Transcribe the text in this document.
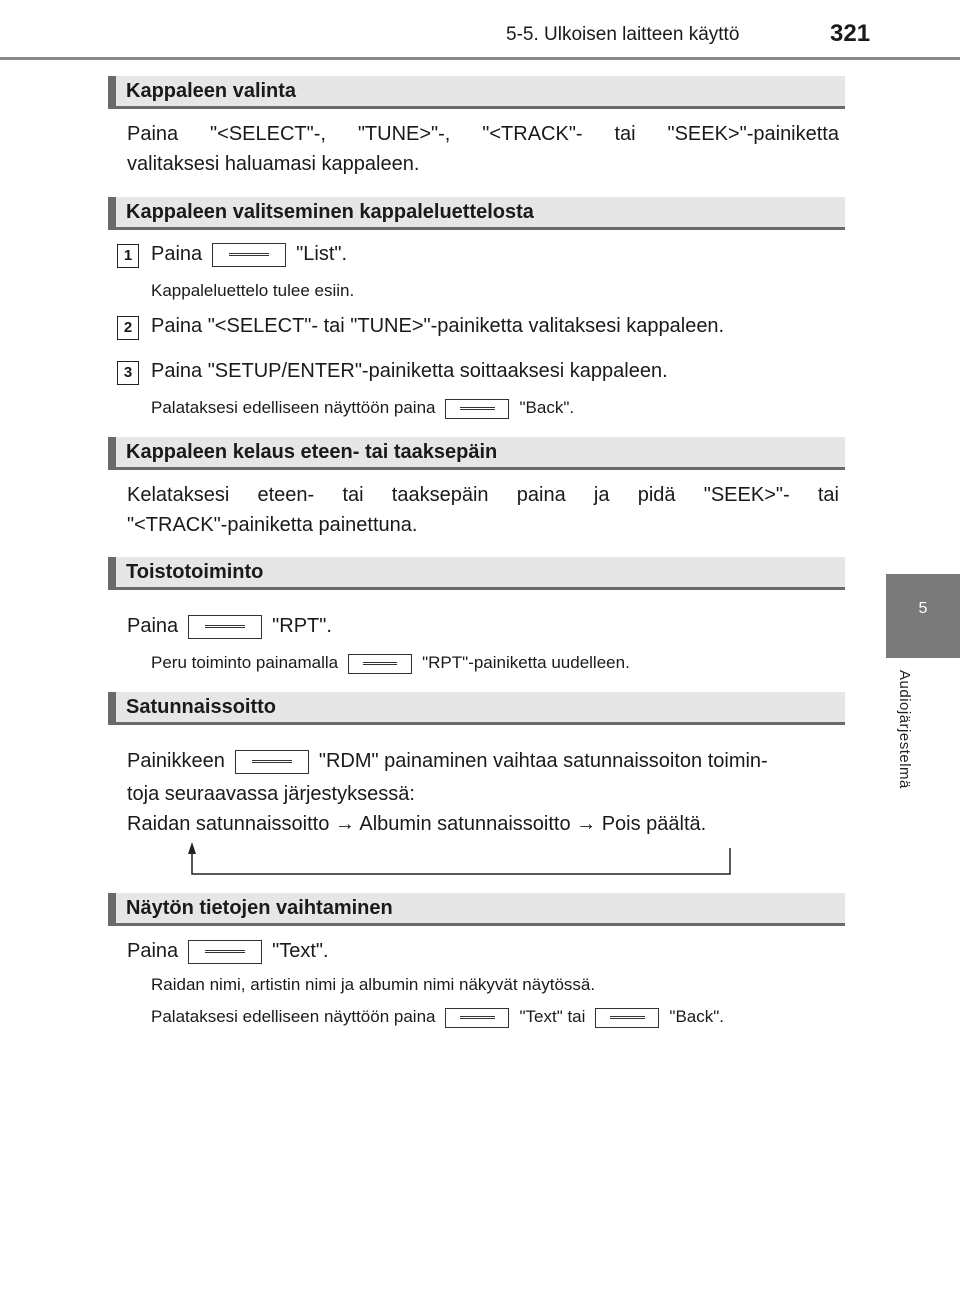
5-5. Ulkoisen laitteen käyttö	321
5
Audiojärjestelmä
Kappaleen valinta
Paina "<SELECT"-, "TUNE>"-, "<TRACK"- tai "SEEK>"-painiketta
valitaksesi haluamasi kappaleen.
Kappaleen valitseminen kappaleluettelosta
1 Paina	"List".
Kappaleluettelo tulee esiin.
2 Paina "<SELECT"- tai "TUNE>"-painiketta valitaksesi kappaleen.
3 Paina "SETUP/ENTER"-painiketta soittaaksesi kappaleen.
Palataksesi edelliseen näyttöön paina	"Back".
Kappaleen kelaus eteen- tai taaksepäin
Kelataksesi eteen- tai taaksepäin paina ja pidä "SEEK>"- tai
"<TRACK"-painiketta painettuna.
Toistotoiminto
Paina	"RPT".
Peru toiminto painamalla	"RPT"-painiketta uudelleen.
Satunnaissoitto
Painikkeen	"RDM" painaminen vaihtaa satunnaissoiton toimin-
toja seuraavassa järjestyksessä:
Raidan satunnaissoitto → Albumin satunnaissoitto → Pois päältä.
Näytön tietojen vaihtaminen
Paina	"Text".
Raidan nimi, artistin nimi ja albumin nimi näkyvät näytössä.
Palataksesi edelliseen näyttöön paina	"Text" tai	"Back".
